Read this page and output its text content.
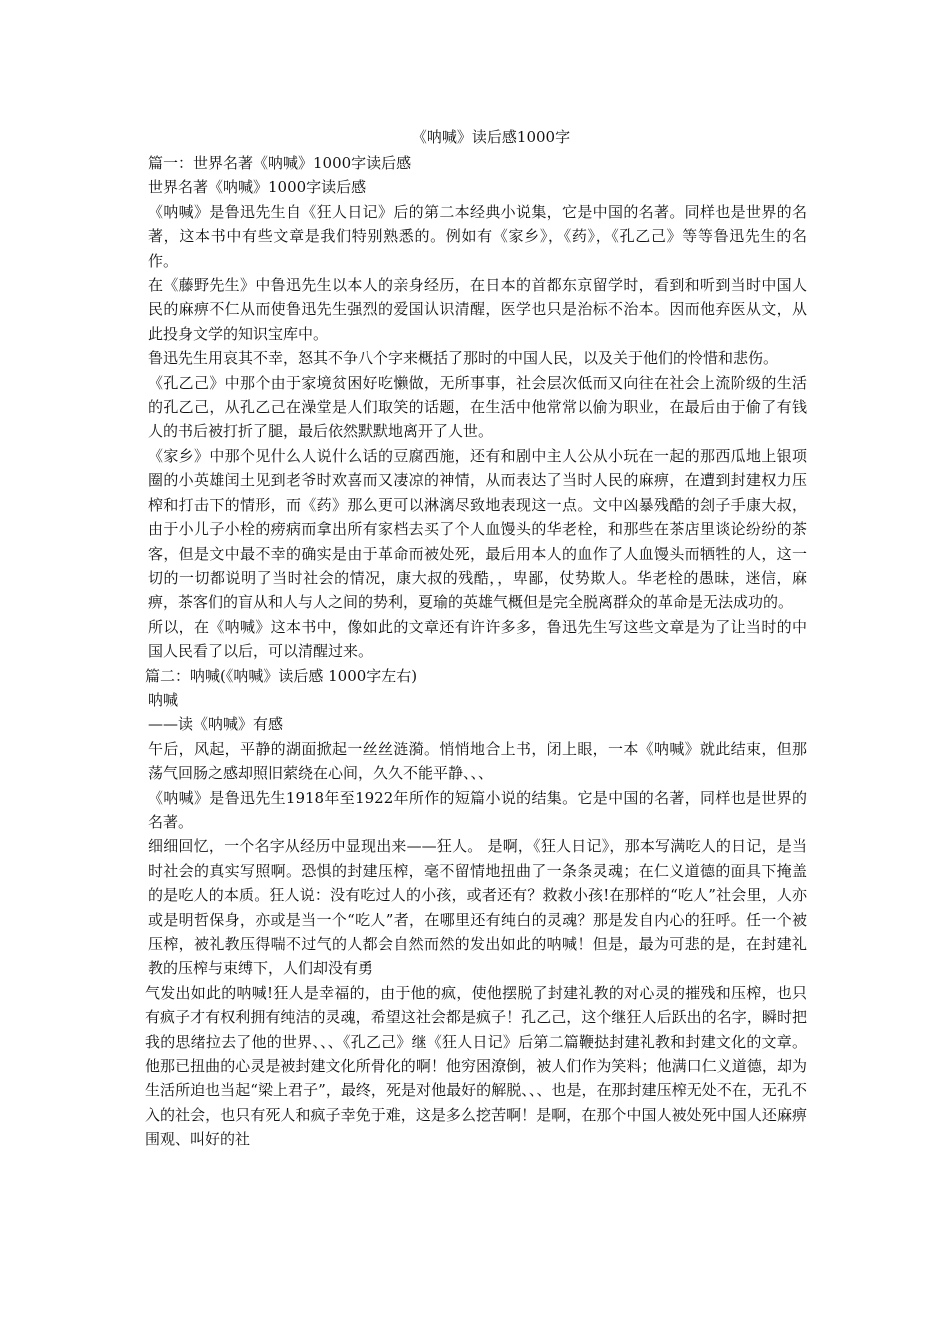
《呐喊》读后感1000字
篇一：世界名著《呐喊》1000字读后感
世界名著《呐喊》1000字读后感
《呐喊》是鲁迅先生自《狂人日记》后的第二本经典小说集，它是中国的名著。同样也是世界的名著，这本书中有些文章是我们特别熟悉的。例如有《家乡》，《药》，《孔乙己》等等鲁迅先生的名作。
在《藤野先生》中鲁迅先生以本人的亲身经历，在日本的首都东京留学时，看到和听到当时中国人民的麻痹不仁从而使鲁迅先生强烈的爱国认识清醒，医学也只是治标不治本。因而他弃医从文，从此投身文学的知识宝库中。
鲁迅先生用哀其不幸，怒其不争八个字来概括了那时的中国人民，以及关于他们的怜惜和悲伤。
《孔乙己》中那个由于家境贫困好吃懒做，无所事事，社会层次低而又向往在社会上流阶级的生活的孔乙己，从孔乙己在澡堂是人们取笑的话题，在生活中他常常以偷为职业，在最后由于偷了有钱人的书后被打折了腿，最后依然默默地离开了人世。
《家乡》中那个见什么人说什么话的豆腐西施，还有和剧中主人公从小玩在一起的那西瓜地上银项圈的小英雄闰土见到老爷时欢喜而又凄凉的神情，从而表达了当时人民的麻痹，在遭到封建权力压榨和打击下的情形，而《药》那么更可以淋漓尽致地表现这一点。文中凶暴残酷的刽子手康大叔，由于小儿子小栓的痨病而拿出所有家档去买了个人血馒头的华老栓，和那些在茶店里谈论纷纷的茶客，但是文中最不幸的确实是由于革命而被处死，最后用本人的血作了人血馒头而牺牲的人，这一切的一切都说明了当时社会的情况，康大叔的残酷，，卑鄙，仗势欺人。华老栓的愚昧，迷信，麻痹，茶客们的盲从和人与人之间的势利，夏瑜的英雄气概但是完全脱离群众的革命是无法成功的。
所以，在《呐喊》这本书中，像如此的文章还有许许多多，鲁迅先生写这些文章是为了让当时的中国人民看了以后，可以清醒过来。
篇二：呐喊(《呐喊》读后感 1000字左右)
呐喊
——读《呐喊》有感
午后，风起，平静的湖面掀起一丝丝涟漪。悄悄地合上书，闭上眼，一本《呐喊》就此结束，但那荡气回肠之感却照旧萦绕在心间，久久不能平静、、、
《呐喊》是鲁迅先生1918年至1922年所作的短篇小说的结集。它是中国的名著，同样也是世界的名著。
细细回忆，一个名字从经历中显现出来——狂人。 是啊，《狂人日记》，那本写满吃人的日记，是当时社会的真实写照啊。恐惧的封建压榨，毫不留情地扭曲了一条条灵魂；在仁义道德的面具下掩盖的是吃人的本质。狂人说：没有吃过人的小孩，或者还有？救救小孩!在那样的“吃人”社会里，人亦或是明哲保身，亦或是当一个“吃人”者，在哪里还有纯白的灵魂？那是发自内心的狂呼。任一个被压榨，被礼教压得喘不过气的人都会自然而然的发出如此的呐喊！但是，最为可悲的是，在封建礼教的压榨与束缚下，人们却没有勇
气发出如此的呐喊!狂人是幸福的，由于他的疯，使他摆脱了封建礼教的对心灵的摧残和压榨，也只有疯子才有权利拥有纯洁的灵魂，希望这社会都是疯子！孔乙己，这个继狂人后跃出的名字，瞬时把我的思绪拉去了他的世界、、、《孔乙己》继《狂人日记》后第二篇鞭挞封建礼教和封建文化的文章。他那已扭曲的心灵是被封建文化所骨化的啊！他穷困潦倒，被人们作为笑料；他满口仁义道德，却为生活所迫也当起“梁上君子”，最终，死是对他最好的解脱、、、也是，在那封建压榨无处不在，无孔不入的社会，也只有死人和疯子幸免于难，这是多么挖苦啊！是啊，在那个中国人被处死中国人还麻痹围观、叫好的社
